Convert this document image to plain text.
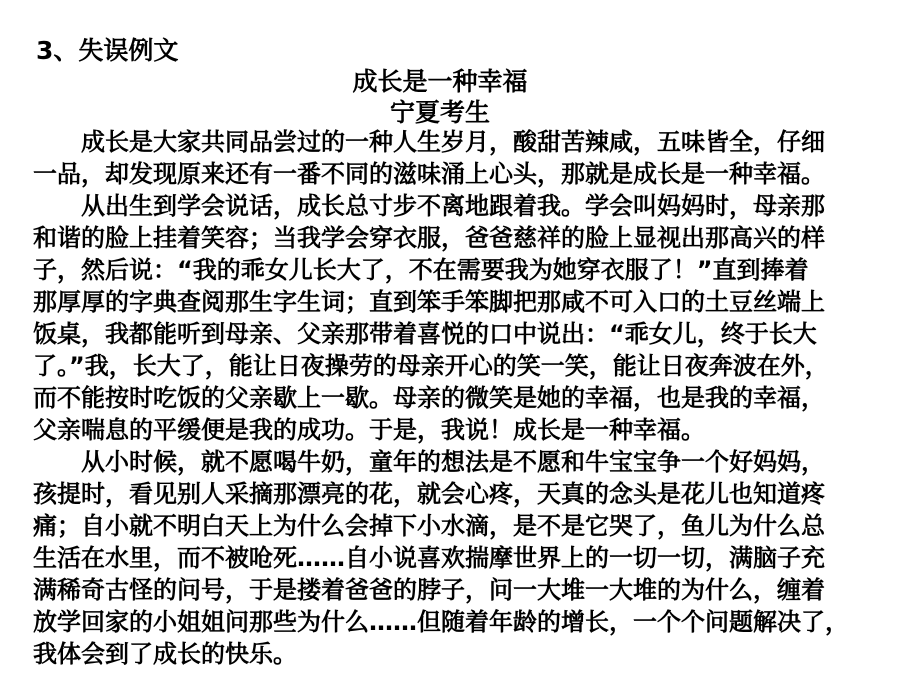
3、失误例文
成长是一种幸福
宁夏考生
　　成长是大家共同品尝过的一种人生岁月，酸甜苦辣咸，五味皆全，仔细
一品，却发现原来还有一番不同的滋味涌上心头，那就是成长是一种幸福。
　　从出生到学会说话，成长总寸步不离地跟着我。学会叫妈妈时，母亲那
和谐的脸上挂着笑容；当我学会穿衣服，爸爸慈祥的脸上显视出那高兴的样
子，然后说：“我的乖女儿长大了，不在需要我为她穿衣服了！”直到捧着
那厚厚的字典查阅那生字生词；直到笨手笨脚把那咸不可入口的土豆丝端上
饭桌，我都能听到母亲、父亲那带着喜悦的口中说出：“乖女儿，终于长大
了。”我，长大了，能让日夜操劳的母亲开心的笑一笑，能让日夜奔波在外，
而不能按时吃饭的父亲歇上一歇。母亲的微笑是她的幸福，也是我的幸福，
父亲喘息的平缓便是我的成功。于是，我说！成长是一种幸福。
　　从小时候，就不愿喝牛奶，童年的想法是不愿和牛宝宝争一个好妈妈，
孩提时，看见别人采摘那漂亮的花，就会心疼，天真的念头是花儿也知道疼
痛；自小就不明白天上为什么会掉下小水滴，是不是它哭了，鱼儿为什么总
生活在水里，而不被呛死……自小说喜欢揣摩世界上的一切一切，满脑子充
满稀奇古怪的问号，于是搂着爸爸的脖子，问一大堆一大堆的为什么，缠着
放学回家的小姐姐问那些为什么……但随着年龄的增长，一个个问题解决了，
我体会到了成长的快乐。
